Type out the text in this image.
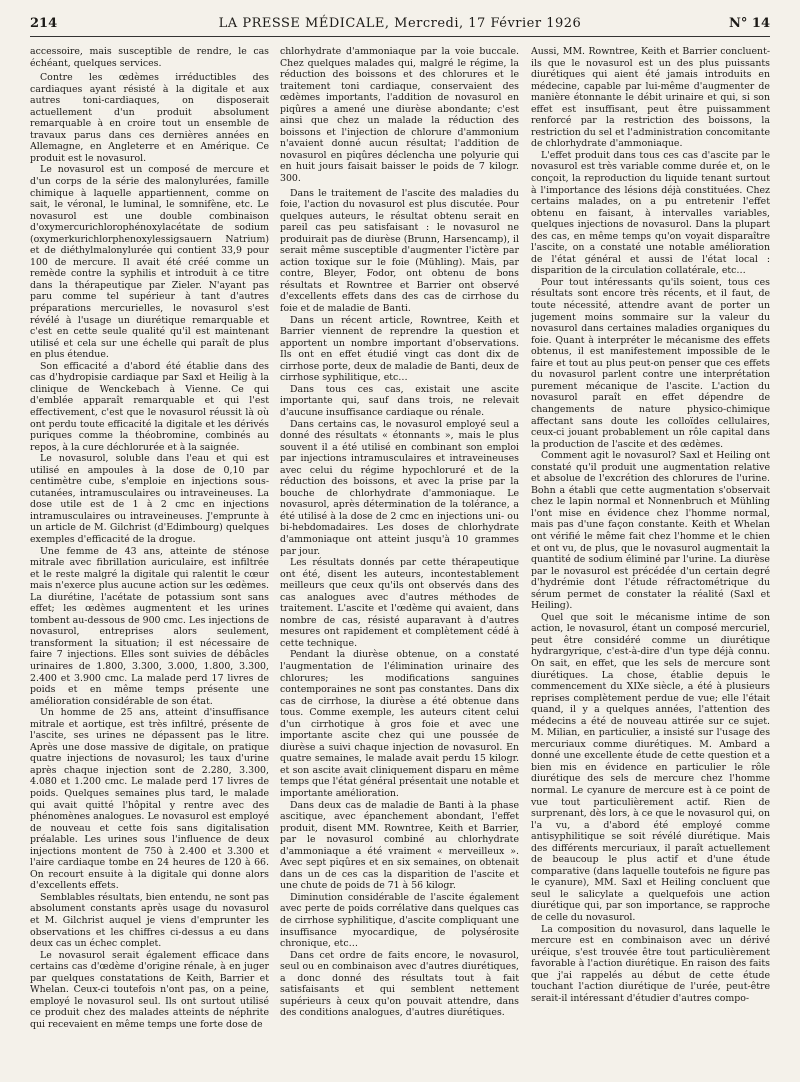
214	LA PRESSE MÉDICALE, Mercredi, 17 Février 1926	N° 14

accessoire, mais susceptible de rendre, le cas échéant, quelques services.

Contre les œdèmes irréductibles des cardiaques ayant résisté à la digitale et aux autres toni-cardiaques, on disposerait actuellement d'un produit absolument remarquable à en croire tout un ensemble de travaux parus dans ces dernières années en Allemagne, en Angleterre et en Amérique. Ce produit est le novasurol.

Le novasurol est un composé de mercure et d'un corps de la série des malonylurées, famille chimique à laquelle appartiennent, comme on sait, le véronal, le luminal, le somnifène, etc. Le novasurol est une double combinaison d'oxymercurichlorophénoxylacétate de sodium (oxymerkurichlorphenoxylessigsauern Natrium) et de diéthylmalonylurée qui contient 33,9 pour 100 de mercure. Il avait été créé comme un remède contre la syphilis et introduit à ce titre dans la thérapeutique par Zieler. N'ayant pas paru comme tel supérieur à tant d'autres préparations mercurielles, le novasurol s'est révélé à l'usage un diurétique remarquable et c'est en cette seule qualité qu'il est maintenant utilisé et cela sur une échelle qui paraît de plus en plus étendue.

Son efficacité a d'abord été établie dans des cas d'hydropisie cardiaque par Saxl et Heilig à la clinique de Wenckebach à Vienne. Ce qui d'emblée apparaît remarquable et qui l'est effectivement, c'est que le novasurol réussit là où ont perdu toute efficacité la digitale et les dérivés puriques comme la théobromine, combinés au repos, à la cure déchlorurée et à la saignée.

Le novasurol, soluble dans l'eau et qui est utilisé en ampoules à la dose de 0,10 par centimètre cube, s'emploie en injections sous-cutanées, intramusculaires ou intraveineuses. La dose utile est de 1 à 2 cmc en injections intramusculaires ou intraveineuses. J'emprunte à un article de M. Gilchrist (d'Edimbourg) quelques exemples d'efficacité de la drogue.

Une femme de 43 ans, atteinte de sténose mitrale avec fibrillation auriculaire, est infiltrée et le reste malgré la digitale qui ralentit le cœur mais n'exerce plus aucune action sur les œdèmes. La diurétine, l'acétate de potassium sont sans effet; les œdèmes augmentent et les urines tombent au-dessous de 900 cmc. Les injections de novasurol, entreprises alors seulement, transforment la situation; il est nécessaire de faire 7 injections. Elles sont suivies de débâcles urinaires de 1.800, 3.300, 3.000, 1.800, 3.300, 2.400 et 3.900 cmc. La malade perd 17 livres de poids et en même temps présente une amélioration considérable de son état.

Un homme de 25 ans, atteint d'insuffisance mitrale et aortique, est très infiltré, présente de l'ascite, ses urines ne dépassent pas le litre. Après une dose massive de digitale, on pratique quatre injections de novasurol; les taux d'urine après chaque injection sont de 2.280, 3.300, 4.080 et 1.200 cmc. Le malade perd 17 livres de poids. Quelques semaines plus tard, le malade qui avait quitté l'hôpital y rentre avec des phénomènes analogues. Le novasurol est employé de nouveau et cette fois sans digitalisation préalable. Les urines sous l'influence de deux injections montent de 750 à 2.400 et 3.300 et l'aire cardiaque tombe en 24 heures de 120 à 66. On recourt ensuite à la digitale qui donne alors d'excellents effets.

Semblables résultats, bien entendu, ne sont pas absolument constants après usage du novasurol et M. Gilchrist auquel je viens d'emprunter les observations et les chiffres ci-dessus a eu dans deux cas un échec complet.

Le novasurol serait également efficace dans certains cas d'œdème d'origine rénale, à en juger par quelques constatations de Keith, Barrier et Whelan. Ceux-ci toutefois n'ont pas, on a peine, employé le novasurol seul. Ils ont surtout utilisé ce produit chez des malades atteints de néphrite qui recevaient en même temps une forte dose de

chlorhydrate d'ammoniaque par la voie buccale. Chez quelques malades qui, malgré le régime, la réduction des boissons et des chlorures et le traitement toni cardiaque, conservaient des œdèmes importants, l'addition de novasurol en piqûres a amené une diurèse abondante; c'est ainsi que chez un malade la réduction des boissons et l'injection de chlorure d'ammonium n'avaient donné aucun résultat; l'addition de novasurol en piqûres déclencha une polyurie qui en huit jours faisait baisser le poids de 7 kilogr. 300.

Dans le traitement de l'ascite des maladies du foie, l'action du novasurol est plus discutée. Pour quelques auteurs, le résultat obtenu serait en pareil cas peu satisfaisant : le novasurol ne produirait pas de diurèse (Brunn, Harsencamp), il serait même susceptible d'augmenter l'ictère par action toxique sur le foie (Mühling). Mais, par contre, Bleyer, Fodor, ont obtenu de bons résultats et Rowntree et Barrier ont observé d'excellents effets dans des cas de cirrhose du foie et de maladie de Banti.

Dans un récent article, Rowntree, Keith et Barrier viennent de reprendre la question et apportent un nombre important d'observations. Ils ont en effet étudié vingt cas dont dix de cirrhose porte, deux de maladie de Banti, deux de cirrhose syphilitique, etc…

Dans tous ces cas, existait une ascite importante qui, sauf dans trois, ne relevait d'aucune insuffisance cardiaque ou rénale.

Dans certains cas, le novasurol employé seul a donné des résultats « étonnants », mais le plus souvent il a été utilisé en combinant son emploi par injections intramusculaires et intraveineuses avec celui du régime hypochloruré et de la réduction des boissons, et avec la prise par la bouche de chlorhydrate d'ammoniaque. Le novasurol, après détermination de la tolérance, a été utilisé à la dose de 2 cmc en injections uni- ou bi-hebdomadaires. Les doses de chlorhydrate d'ammoniaque ont atteint jusqu'à 10 grammes par jour.

Les résultats donnés par cette thérapeutique ont été, disent les auteurs, incontestablement meilleurs que ceux qu'ils ont observés dans des cas analogues avec d'autres méthodes de traitement. L'ascite et l'œdème qui avaient, dans nombre de cas, résisté auparavant à d'autres mesures ont rapidement et complètement cédé à cette technique.

Pendant la diurèse obtenue, on a constaté l'augmentation de l'élimination urinaire des chlorures; les modifications sanguines contemporaines ne sont pas constantes. Dans dix cas de cirrhose, la diurèse a été obtenue dans tous. Comme exemple, les auteurs citent celui d'un cirrhotique à gros foie et avec une importante ascite chez qui une poussée de diurèse a suivi chaque injection de novasurol. En quatre semaines, le malade avait perdu 15 kilogr. et son ascite avait cliniquement disparu en même temps que l'état général présentait une notable et importante amélioration.

Dans deux cas de maladie de Banti à la phase ascitique, avec épanchement abondant, l'effet produit, disent MM. Rowntree, Keith et Barrier, par le novasurol combiné au chlorhydrate d'ammoniaque a été vraiment « merveilleux ». Avec sept piqûres et en six semaines, on obtenait dans un de ces cas la disparition de l'ascite et une chute de poids de 71 à 56 kilogr.

Diminution considérable de l'ascite également avec perte de poids corrélative dans quelques cas de cirrhose syphilitique, d'ascite compliquant une insuffisance myocardique, de polysérosite chronique, etc…

Dans cet ordre de faits encore, le novasurol, seul ou en combinaison avec d'autres diurétiques, a donc donné des résultats tout à fait satisfaisants et qui semblent nettement supérieurs à ceux qu'on pouvait attendre, dans des conditions analogues, d'autres diurétiques.

Aussi, MM. Rowntree, Keith et Barrier concluent-ils que le novasurol est un des plus puissants diurétiques qui aient été jamais introduits en médecine, capable par lui-même d'augmenter de manière étonnante le débit urinaire et qui, si son effet est insuffisant, peut être puissamment renforcé par la restriction des boissons, la restriction du sel et l'administration concomitante de chlorhydrate d'ammoniaque.

L'effet produit dans tous ces cas d'ascite par le novasurol est très variable comme durée et, on le conçoit, la reproduction du liquide tenant surtout à l'importance des lésions déjà constituées. Chez certains malades, on a pu entretenir l'effet obtenu en faisant, à intervalles variables, quelques injections de novasurol. Dans la plupart des cas, en même temps qu'on voyait disparaître l'ascite, on a constaté une notable amélioration de l'état général et aussi de l'état local : disparition de la circulation collatérale, etc…

Pour tout intéressants qu'ils soient, tous ces résultats sont encore très récents, et il faut, de toute nécessité, attendre avant de porter un jugement moins sommaire sur la valeur du novasurol dans certaines maladies organiques du foie. Quant à interpréter le mécanisme des effets obtenus, il est manifestement impossible de le faire et tout au plus peut-on penser que ces effets du novasurol parlent contre une interprétation purement mécanique de l'ascite. L'action du novasurol paraît en effet dépendre de changements de nature physico-chimique affectant sans doute les colloïdes cellulaires, ceux-ci jouant probablement un rôle capital dans la production de l'ascite et des œdèmes.

Comment agit le novasurol? Saxl et Heiling ont constaté qu'il produit une augmentation relative et absolue de l'excrétion des chlorures de l'urine. Bohn a établi que cette augmentation s'observait chez le lapin normal et Nonnenbruch et Mühling l'ont mise en évidence chez l'homme normal, mais pas d'une façon constante. Keith et Whelan ont vérifié le même fait chez l'homme et le chien et ont vu, de plus, que le novasurol augmentait la quantité de sodium éliminé par l'urine. La diurèse par le novasurol est précédée d'un certain degré d'hydrémie dont l'étude réfractométrique du sérum permet de constater la réalité (Saxl et Heiling).

Quel que soit le mécanisme intime de son action, le novasurol, étant un composé mercuriel, peut être considéré comme un diurétique hydrargyrique, c'est-à-dire d'un type déjà connu. On sait, en effet, que les sels de mercure sont diurétiques. La chose, établie depuis le commencement du XIXe siècle, a été à plusieurs reprises complètement perdue de vue; elle l'était quand, il y a quelques années, l'attention des médecins a été de nouveau attirée sur ce sujet. M. Milian, en particulier, a insisté sur l'usage des mercuriaux comme diurétiques. M. Ambard a donné une excellente étude de cette question et a bien mis en évidence en particulier le rôle diurétique des sels de mercure chez l'homme normal. Le cyanure de mercure est à ce point de vue tout particulièrement actif. Rien de surprenant, dès lors, à ce que le novasurol qui, on l'a vu, a d'abord été employé comme antisyphilitique se soit révélé diurétique. Mais des différents mercuriaux, il paraît actuellement de beaucoup le plus actif et d'une étude comparative (dans laquelle toutefois ne figure pas le cyanure), MM. Saxl et Heiling concluent que seul le salicylate a quelquefois une action diurétique qui, par son importance, se rapproche de celle du novasurol.

La composition du novasurol, dans laquelle le mercure est en combinaison avec un dérivé uréique, s'est trouvée être tout particulièrement favorable à l'action diurétique. En raison des faits que j'ai rappelés au début de cette étude touchant l'action diurétique de l'urée, peut-être serait-il intéressant d'étudier d'autres compo-
